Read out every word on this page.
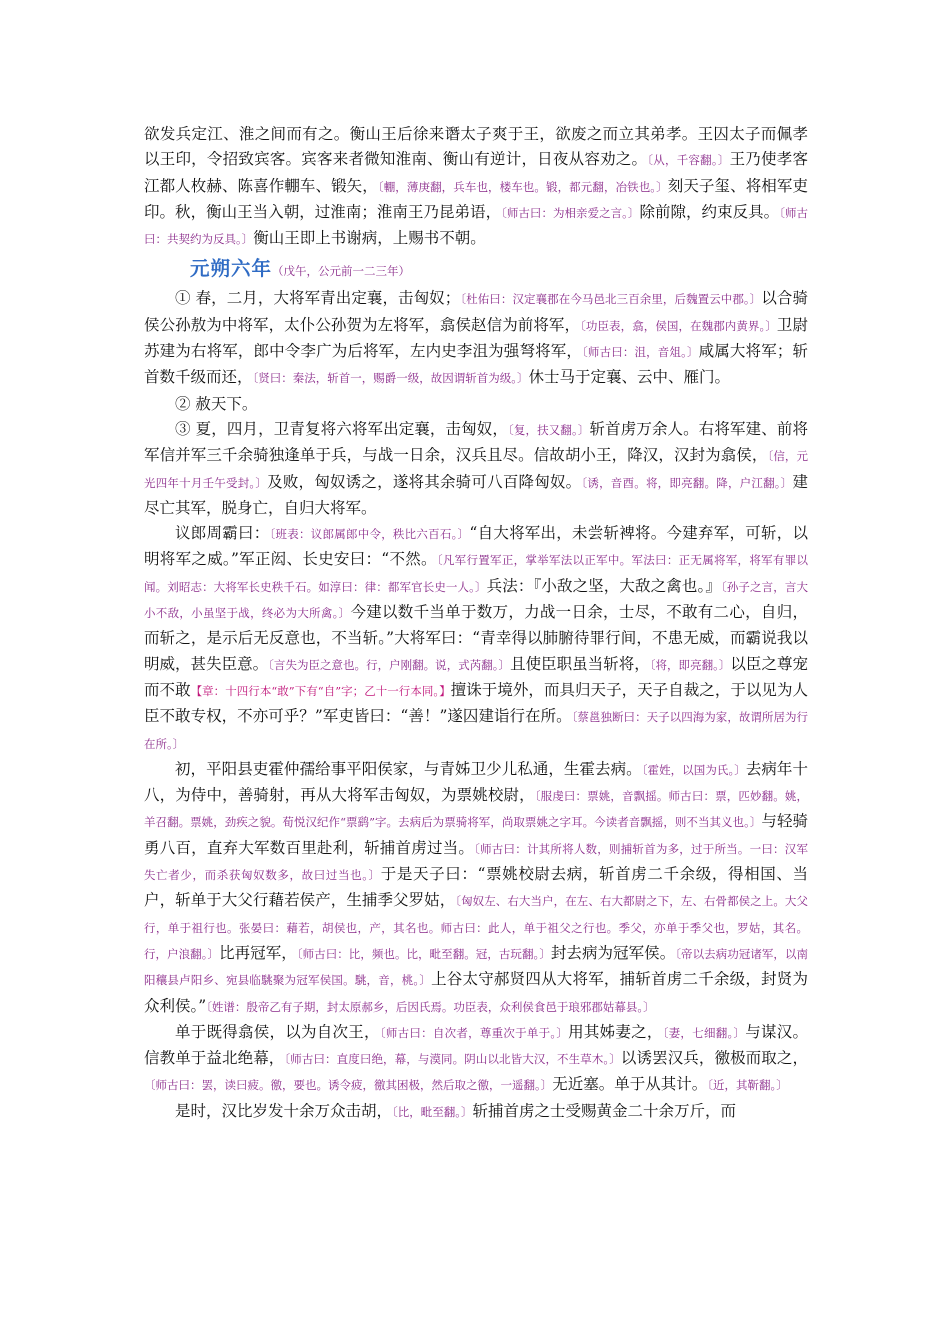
欲发兵定江、淮之间而有之。衡山王后徐来谮太子爽于王，欲废之而立其弟孝。王囚太子而佩孝以王印，令招致宾客。宾客来者微知淮南、衡山有逆计，日夜从容劝之。〔从，千容翻。〕王乃使孝客江都人枚赫、陈喜作輣车、锻矢，〔輣，薄庚翻，兵车也，楼车也。锻，都元翻，冶铁也。〕刻天子玺、将相军吏印。秋，衡山王当入朝，过淮南；淮南王乃昆弟语，〔师古曰：为相亲爱之言。〕除前隙，约束反具。〔师古曰：共契约为反具。〕衡山王即上书谢病，上赐书不朝。
元朔六年（戊午，公元前一二三年）
① 春，二月，大将军青出定襄，击匈奴；〔杜佑曰：汉定襄郡在今马邑北三百余里，后魏置云中郡。〕以合骑侯公孙敖为中将军，太仆公孙贺为左将军，翕侯赵信为前将军，〔功臣表，翕，侯国，在魏郡内黄界。〕卫尉苏建为右将军，郎中令李广为后将军，左内史李沮为强弩将军，〔师古曰：沮，音俎。〕咸属大将军；斩首数千级而还，〔贤曰：秦法，斩首一，赐爵一级，故因谓斩首为级。〕休士马于定襄、云中、雁门。
② 赦天下。
③ 夏，四月，卫青复将六将军出定襄，击匈奴，〔复，扶又翻。〕斩首虏万余人。右将军建、前将军信并军三千余骑独逢单于兵，与战一日余，汉兵且尽。信故胡小王，降汉，汉封为翕侯，〔信，元光四年十月壬午受封。〕及败，匈奴诱之，遂将其余骑可八百降匈奴。〔诱，音酉。将，即亮翻。降，户江翻。〕建尽亡其军，脱身亡，自归大将军。
议郎周霸曰：〔班表：议郎属郎中令，秩比六百石。〕“自大将军出，未尝斩裨将。今建弃军，可斩，以明将军之威。”军正闳、长史安曰：“不然。〔凡军行置军正，掌举军法以正军中。军法曰：正无属将军，将军有罪以闻。刘昭志：大将军长史秩千石。如淳曰：律：都军官长史一人。〕兵法：『小敌之坚，大敌之禽也。』〔孙子之言，言大小不敌，小虽坚于战，终必为大所禽。〕今建以数千当单于数万，力战一日余，士尽，不敢有二心，自归，而斩之，是示后无反意也，不当斩。”大将军曰：“青幸得以肺腑待罪行间，不患无威，而霸说我以明威，甚失臣意。〔言失为臣之意也。行，户刚翻。说，式芮翻。〕且使臣职虽当斩将，〔将，即亮翻。〕以臣之尊宠而不敢【章：十四行本“敢”下有“自”字；乙十一行本同。】擅诛于境外，而具归天子，天子自裁之，于以见为人臣不敢专权，不亦可乎？”军吏皆曰：“善！”遂囚建诣行在所。〔蔡邕独断曰：天子以四海为家，故谓所居为行在所。〕
初，平阳县吏霍仲孺给事平阳侯家，与青姊卫少儿私通，生霍去病。〔霍姓，以国为氏。〕去病年十八，为侍中，善骑射，再从大将军击匈奴，为票姚校尉，〔服虔曰：票姚，音飘摇。师古曰：票，匹妙翻。姚，羊召翻。票姚，劲疾之貌。荀悦汉纪作“票鹞”字。去病后为票骑将军，尚取票姚之字耳。今读者音飘摇，则不当其义也。〕与轻骑勇八百，直弃大军数百里赴利，斩捕首虏过当。〔师古曰：计其所将人数，则捕斩首为多，过于所当。一曰：汉军失亡者少，而杀获匈奴数多，故曰过当也。〕于是天子曰：“票姚校尉去病，斩首虏二千余级，得相国、当户，斩单于大父行藉若侯产，生捕季父罗姑，〔匈奴左、右大当户，在左、右大都尉之下，左、右骨都侯之上。大父行，单于祖行也。张晏曰：藉若，胡侯也，产，其名也。师古曰：此人，单于祖父之行也。季父，亦单于季父也，罗姑，其名。行，户浪翻。〕比再冠军，〔师古曰：比，频也。比，毗至翻。冠，古玩翻。〕封去病为冠军侯。〔帝以去病功冠诸军，以南阳穰县卢阳乡、宛县临駣聚为冠军侯国。駣，音，桃。〕上谷太守郝贤四从大将军，捕斩首虏二千余级，封贤为众利侯。”〔姓谱：殷帝乙有子期，封太原郝乡，后因氏焉。功臣表，众利侯食邑于琅邪郡姑幕县。〕
单于既得翕侯，以为自次王，〔师古曰：自次者，尊重次于单于。〕用其姊妻之，〔妻，七细翻。〕与谋汉。信教单于益北绝幕，〔师古曰：直度曰绝，幕，与漠同。阴山以北皆大汉，不生草木。〕以诱罢汉兵，徼极而取之，〔师古曰：罢，读曰疲。徼，要也。诱令疲，徼其困极，然后取之徼，一遥翻。〕无近塞。单于从其计。〔近，其靳翻。〕
是时，汉比岁发十余万众击胡，〔比，毗至翻。〕斩捕首虏之士受赐黄金二十余万斤，而
